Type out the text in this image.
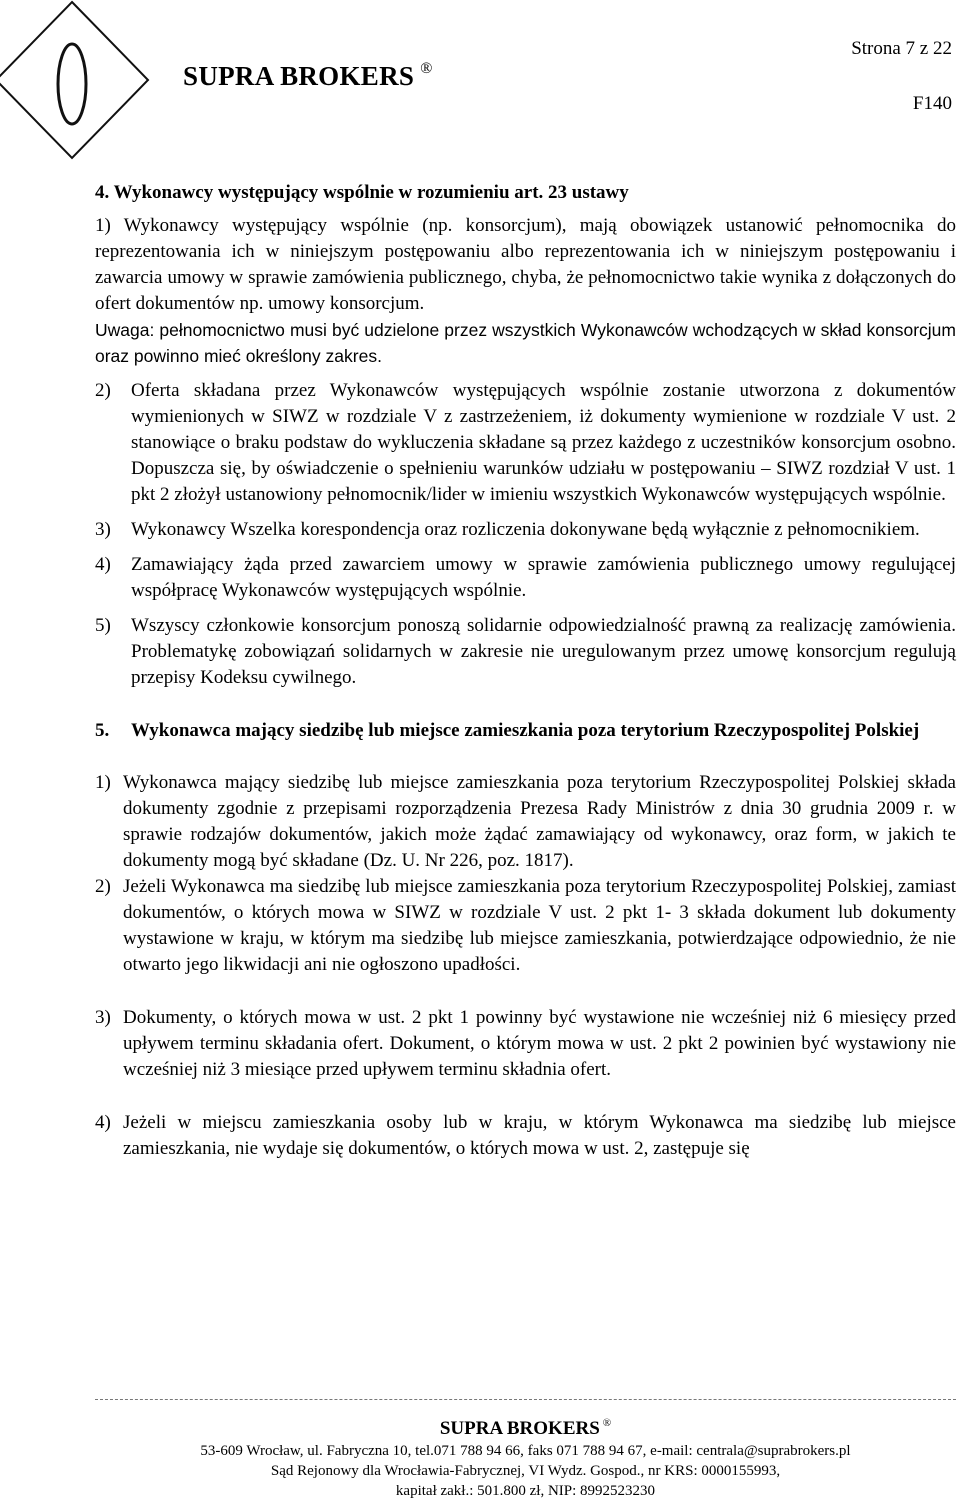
SUPRA BROKERS ®
Strona 7 z 22
F140

4. Wykonawcy występujący wspólnie w rozumieniu art. 23 ustawy

1) Wykonawcy występujący wspólnie (np. konsorcjum), mają obowiązek ustanowić pełnomocnika do reprezentowania ich w niniejszym postępowaniu albo reprezentowania ich w niniejszym postępowaniu i zawarcia umowy w sprawie zamówienia publicznego, chyba, że pełnomocnictwo takie wynika z dołączonych do ofert dokumentów np. umowy konsorcjum.

Uwaga: pełnomocnictwo musi być udzielone przez wszystkich Wykonawców wchodzących w skład konsorcjum oraz powinno mieć określony zakres.

2)	Oferta składana przez Wykonawców występujących wspólnie zostanie utworzona z dokumentów wymienionych w SIWZ w rozdziale V z zastrzeżeniem, iż dokumenty wymienione w rozdziale V ust. 2 stanowiące o braku podstaw do wykluczenia składane są przez każdego z uczestników konsorcjum osobno. Dopuszcza się, by oświadczenie o spełnieniu warunków udziału w postępowaniu – SIWZ rozdział V ust. 1 pkt 2 złożył ustanowiony pełnomocnik/lider w imieniu wszystkich Wykonawców występujących wspólnie.
3)	Wykonawcy Wszelka korespondencja oraz rozliczenia dokonywane będą wyłącznie z pełnomocnikiem.
4)	Zamawiający żąda przed zawarciem umowy w sprawie zamówienia publicznego umowy regulującej współpracę Wykonawców występujących wspólnie.
5)	Wszyscy członkowie konsorcjum ponoszą solidarnie odpowiedzialność prawną za realizację zamówienia. Problematykę zobowiązań solidarnych w zakresie nie uregulowanym przez umowę konsorcjum regulują przepisy Kodeksu cywilnego.
5.	Wykonawca mający siedzibę lub miejsce zamieszkania poza terytorium Rzeczypospolitej Polskiej
1) Wykonawca mający siedzibę lub miejsce zamieszkania poza terytorium Rzeczypospolitej Polskiej składa dokumenty zgodnie z przepisami rozporządzenia Prezesa Rady Ministrów z dnia 30 grudnia 2009 r. w sprawie rodzajów dokumentów, jakich może żądać zamawiający od wykonawcy, oraz form, w jakich te dokumenty mogą być składane (Dz. U. Nr 226, poz. 1817).
2) Jeżeli Wykonawca ma siedzibę lub miejsce zamieszkania poza terytorium Rzeczypospolitej Polskiej, zamiast dokumentów, o których mowa w SIWZ w rozdziale V ust. 2 pkt 1- 3 składa dokument lub dokumenty wystawione w kraju, w którym ma siedzibę lub miejsce zamieszkania, potwierdzające odpowiednio, że nie otwarto jego likwidacji ani nie ogłoszono upadłości.
3) Dokumenty, o których mowa w ust. 2 pkt 1 powinny być wystawione nie wcześniej niż 6 miesięcy przed upływem terminu składania ofert. Dokument, o którym mowa w ust. 2 pkt 2 powinien być wystawiony nie wcześniej niż 3 miesiące przed upływem terminu składnia ofert.
4) Jeżeli w miejscu zamieszkania osoby lub w kraju, w którym Wykonawca ma siedzibę lub miejsce zamieszkania, nie wydaje się dokumentów, o których mowa w ust. 2, zastępuje się
SUPRA BROKERS ®
53-609 Wrocław, ul. Fabryczna 10, tel.071 788 94 66, faks 071 788 94 67, e-mail: centrala@suprabrokers.pl
Sąd Rejonowy dla Wrocławia-Fabrycznej, VI Wydz. Gospod., nr KRS: 0000155993,
kapitał zakł.: 501.800 zł, NIP: 8992523230
